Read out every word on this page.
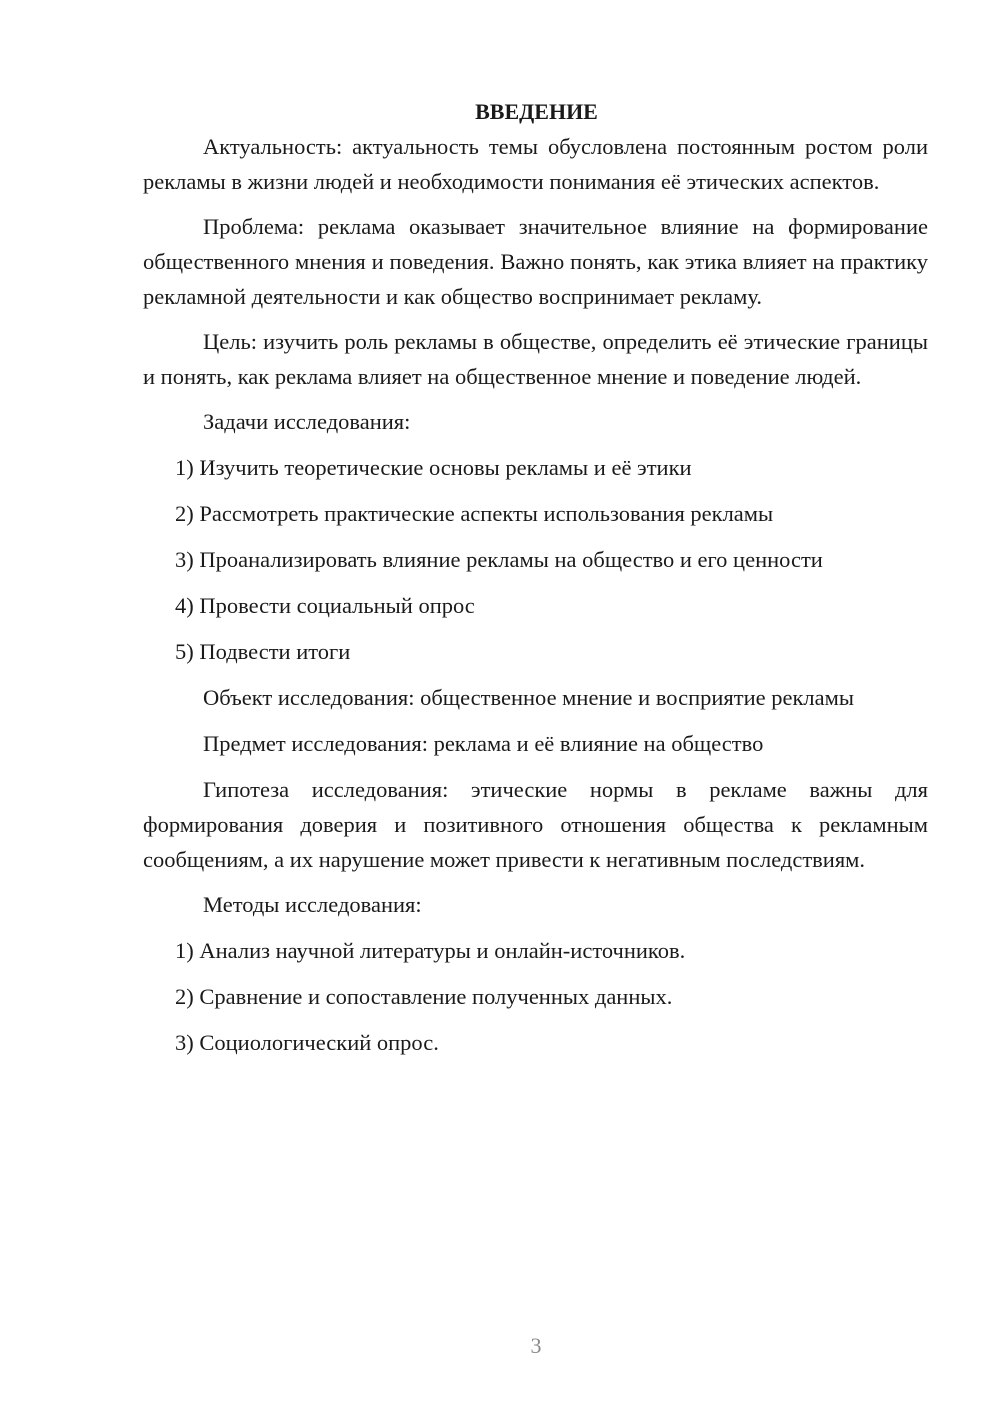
ВВЕДЕНИЕ

Актуальность: актуальность темы обусловлена постоянным ростом роли рекламы в жизни людей и необходимости понимания её этических аспектов.

Проблема: реклама оказывает значительное влияние на формирование общественного мнения и поведения. Важно понять, как этика влияет на практику рекламной деятельности и как общество воспринимает рекламу.

Цель: изучить роль рекламы в обществе, определить её этические границы и понять, как реклама влияет на общественное мнение и поведение людей.

Задачи исследования:

1) Изучить теоретические основы рекламы и её этики

2) Рассмотреть практические аспекты использования рекламы

3) Проанализировать влияние рекламы на общество и его ценности

4) Провести социальный опрос

5) Подвести итоги

Объект исследования: общественное мнение и восприятие рекламы

Предмет исследования: реклама и её влияние на общество

Гипотеза исследования: этические нормы в рекламе важны для формирования доверия и позитивного отношения общества к рекламным сообщениям, а их нарушение может привести к негативным последствиям.

Методы исследования:

1) Анализ научной литературы и онлайн-источников.

2) Сравнение и сопоставление полученных данных.

3) Социологический опрос.

3
